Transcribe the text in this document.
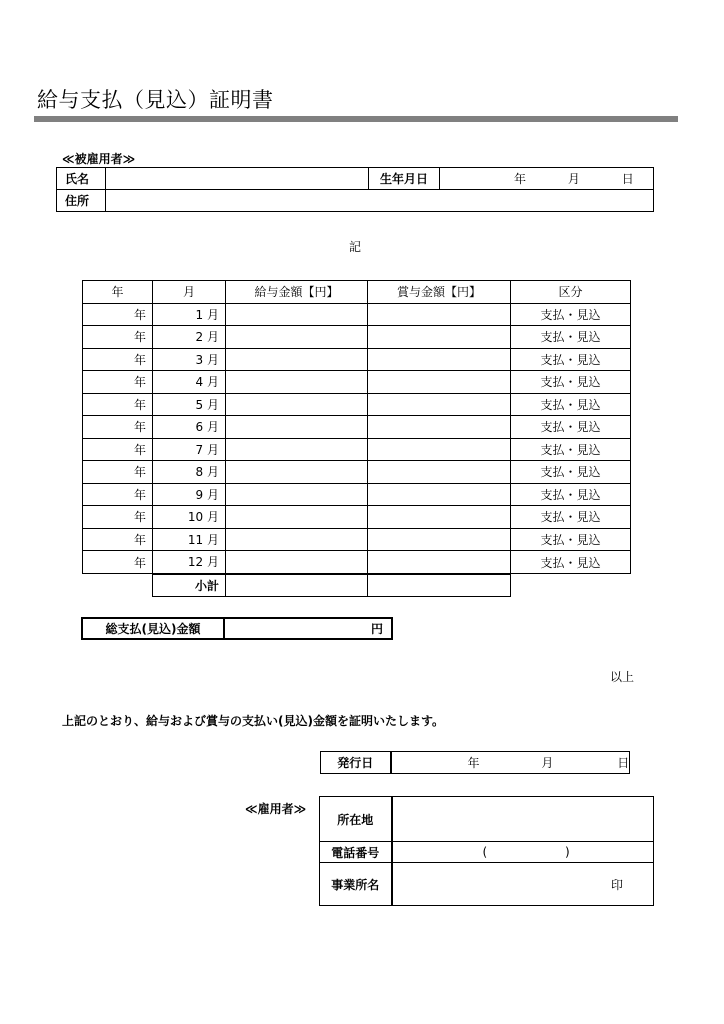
給与支払（見込）証明書
≪被雇用者≫
氏名		生年月日	年 月 日
住所			
記
年	月	給与金額【円】	賞与金額【円】	区分
年	1 月			支払・見込
年	2 月			支払・見込
年	3 月			支払・見込
年	4 月			支払・見込
年	5 月			支払・見込
年	6 月			支払・見込
年	7 月			支払・見込
年	8 月			支払・見込
年	9 月			支払・見込
年	10 月			支払・見込
年	11 月			支払・見込
年	12 月			支払・見込
	小計			
総支払(見込)金額	円
以上
上記のとおり、給与および賞与の支払い(見込)金額を証明いたします。
発行日	年	月	日
≪雇用者≫
所在地	
電話番号	( )
事業所名	印
